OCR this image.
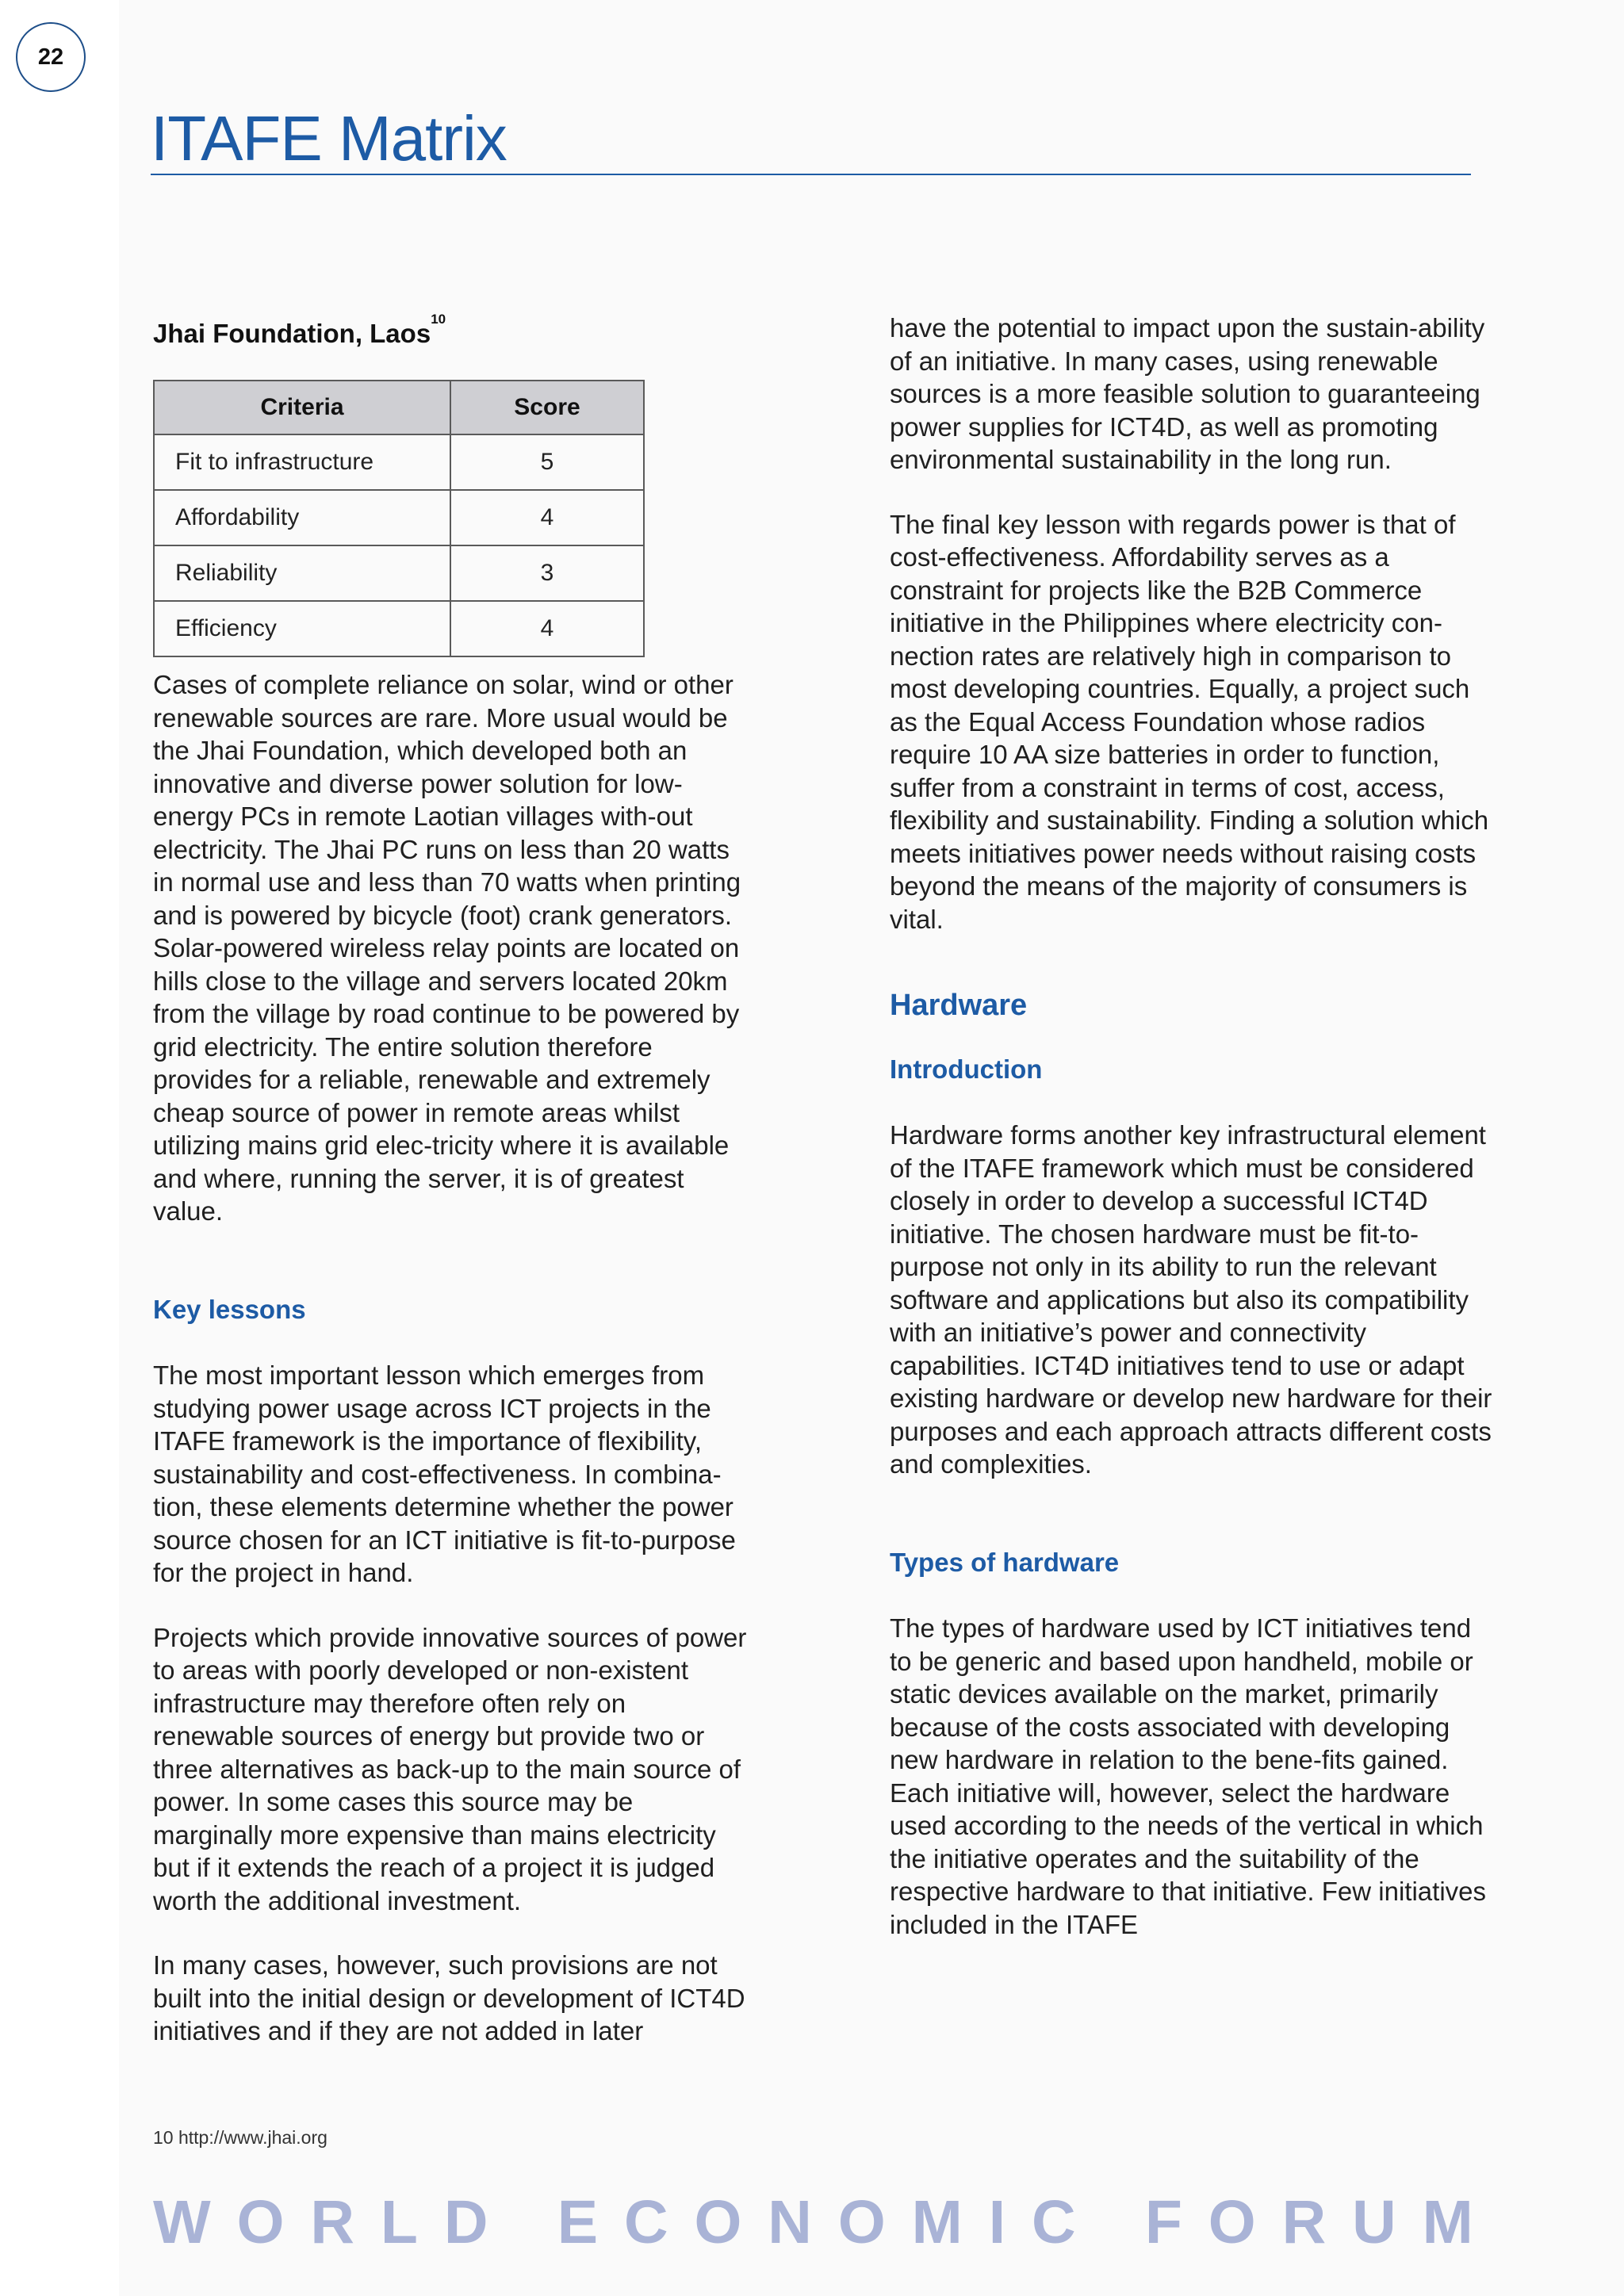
22
ITAFE Matrix

Jhai Foundation, Laos$^{10}$

Criteria	Score
Fit to infrastructure	5
Affordability	4
Reliability	3
Efficiency	4

Cases of complete reliance on solar, wind or other renewable sources are rare. More usual would be the Jhai Foundation, which developed both an innovative and diverse power solution for low-energy PCs in remote Laotian villages with-out electricity. The Jhai PC runs on less than 20 watts in normal use and less than 70 watts when printing and is powered by bicycle (foot) crank generators. Solar-powered wireless relay points are located on hills close to the village and servers located 20km from the village by road continue to be powered by grid electricity. The entire solution therefore provides for a reliable, renewable and extremely cheap source of power in remote areas whilst utilizing mains grid elec-tricity where it is available and where, running the server, it is of greatest value.

Key lessons

The most important lesson which emerges from studying power usage across ICT projects in the ITAFE framework is the importance of flexibility, sustainability and cost-effectiveness. In combina-tion, these elements determine whether the power source chosen for an ICT initiative is fit-to-purpose for the project in hand.

Projects which provide innovative sources of power to areas with poorly developed or non-existent infrastructure may therefore often rely on renewable sources of energy but provide two or three alternatives as back-up to the main source of power. In some cases this source may be marginally more expensive than mains electricity but if it extends the reach of a project it is judged worth the additional investment.

In many cases, however, such provisions are not built into the initial design or development of ICT4D initiatives and if they are not added in later

have the potential to impact upon the sustain-ability of an initiative. In many cases, using renewable sources is a more feasible solution to guaranteeing power supplies for ICT4D, as well as promoting environmental sustainability in the long run.

The final key lesson with regards power is that of cost-effectiveness. Affordability serves as a constraint for projects like the B2B Commerce initiative in the Philippines where electricity con-nection rates are relatively high in comparison to most developing countries. Equally, a project such as the Equal Access Foundation whose radios require 10 AA size batteries in order to function, suffer from a constraint in terms of cost, access, flexibility and sustainability. Finding a solution which meets initiatives power needs without raising costs beyond the means of the majority of consumers is vital.

Hardware

Introduction

Hardware forms another key infrastructural element of the ITAFE framework which must be considered closely in order to develop a successful ICT4D initiative. The chosen hardware must be fit-to-purpose not only in its ability to run the relevant software and applications but also its compatibility with an initiative’s power and connectivity capabilities. ICT4D initiatives tend to use or adapt existing hardware or develop new hardware for their purposes and each approach attracts different costs and complexities.

Types of hardware

The types of hardware used by ICT initiatives tend to be generic and based upon handheld, mobile or static devices available on the market, primarily because of the costs associated with developing new hardware in relation to the bene-fits gained. Each initiative will, however, select the hardware used according to the needs of the vertical in which the initiative operates and the suitability of the respective hardware to that initiative. Few initiatives included in the ITAFE

10 http://www.jhai.org
W O R L D
E C O N O M I C
F O R U M
